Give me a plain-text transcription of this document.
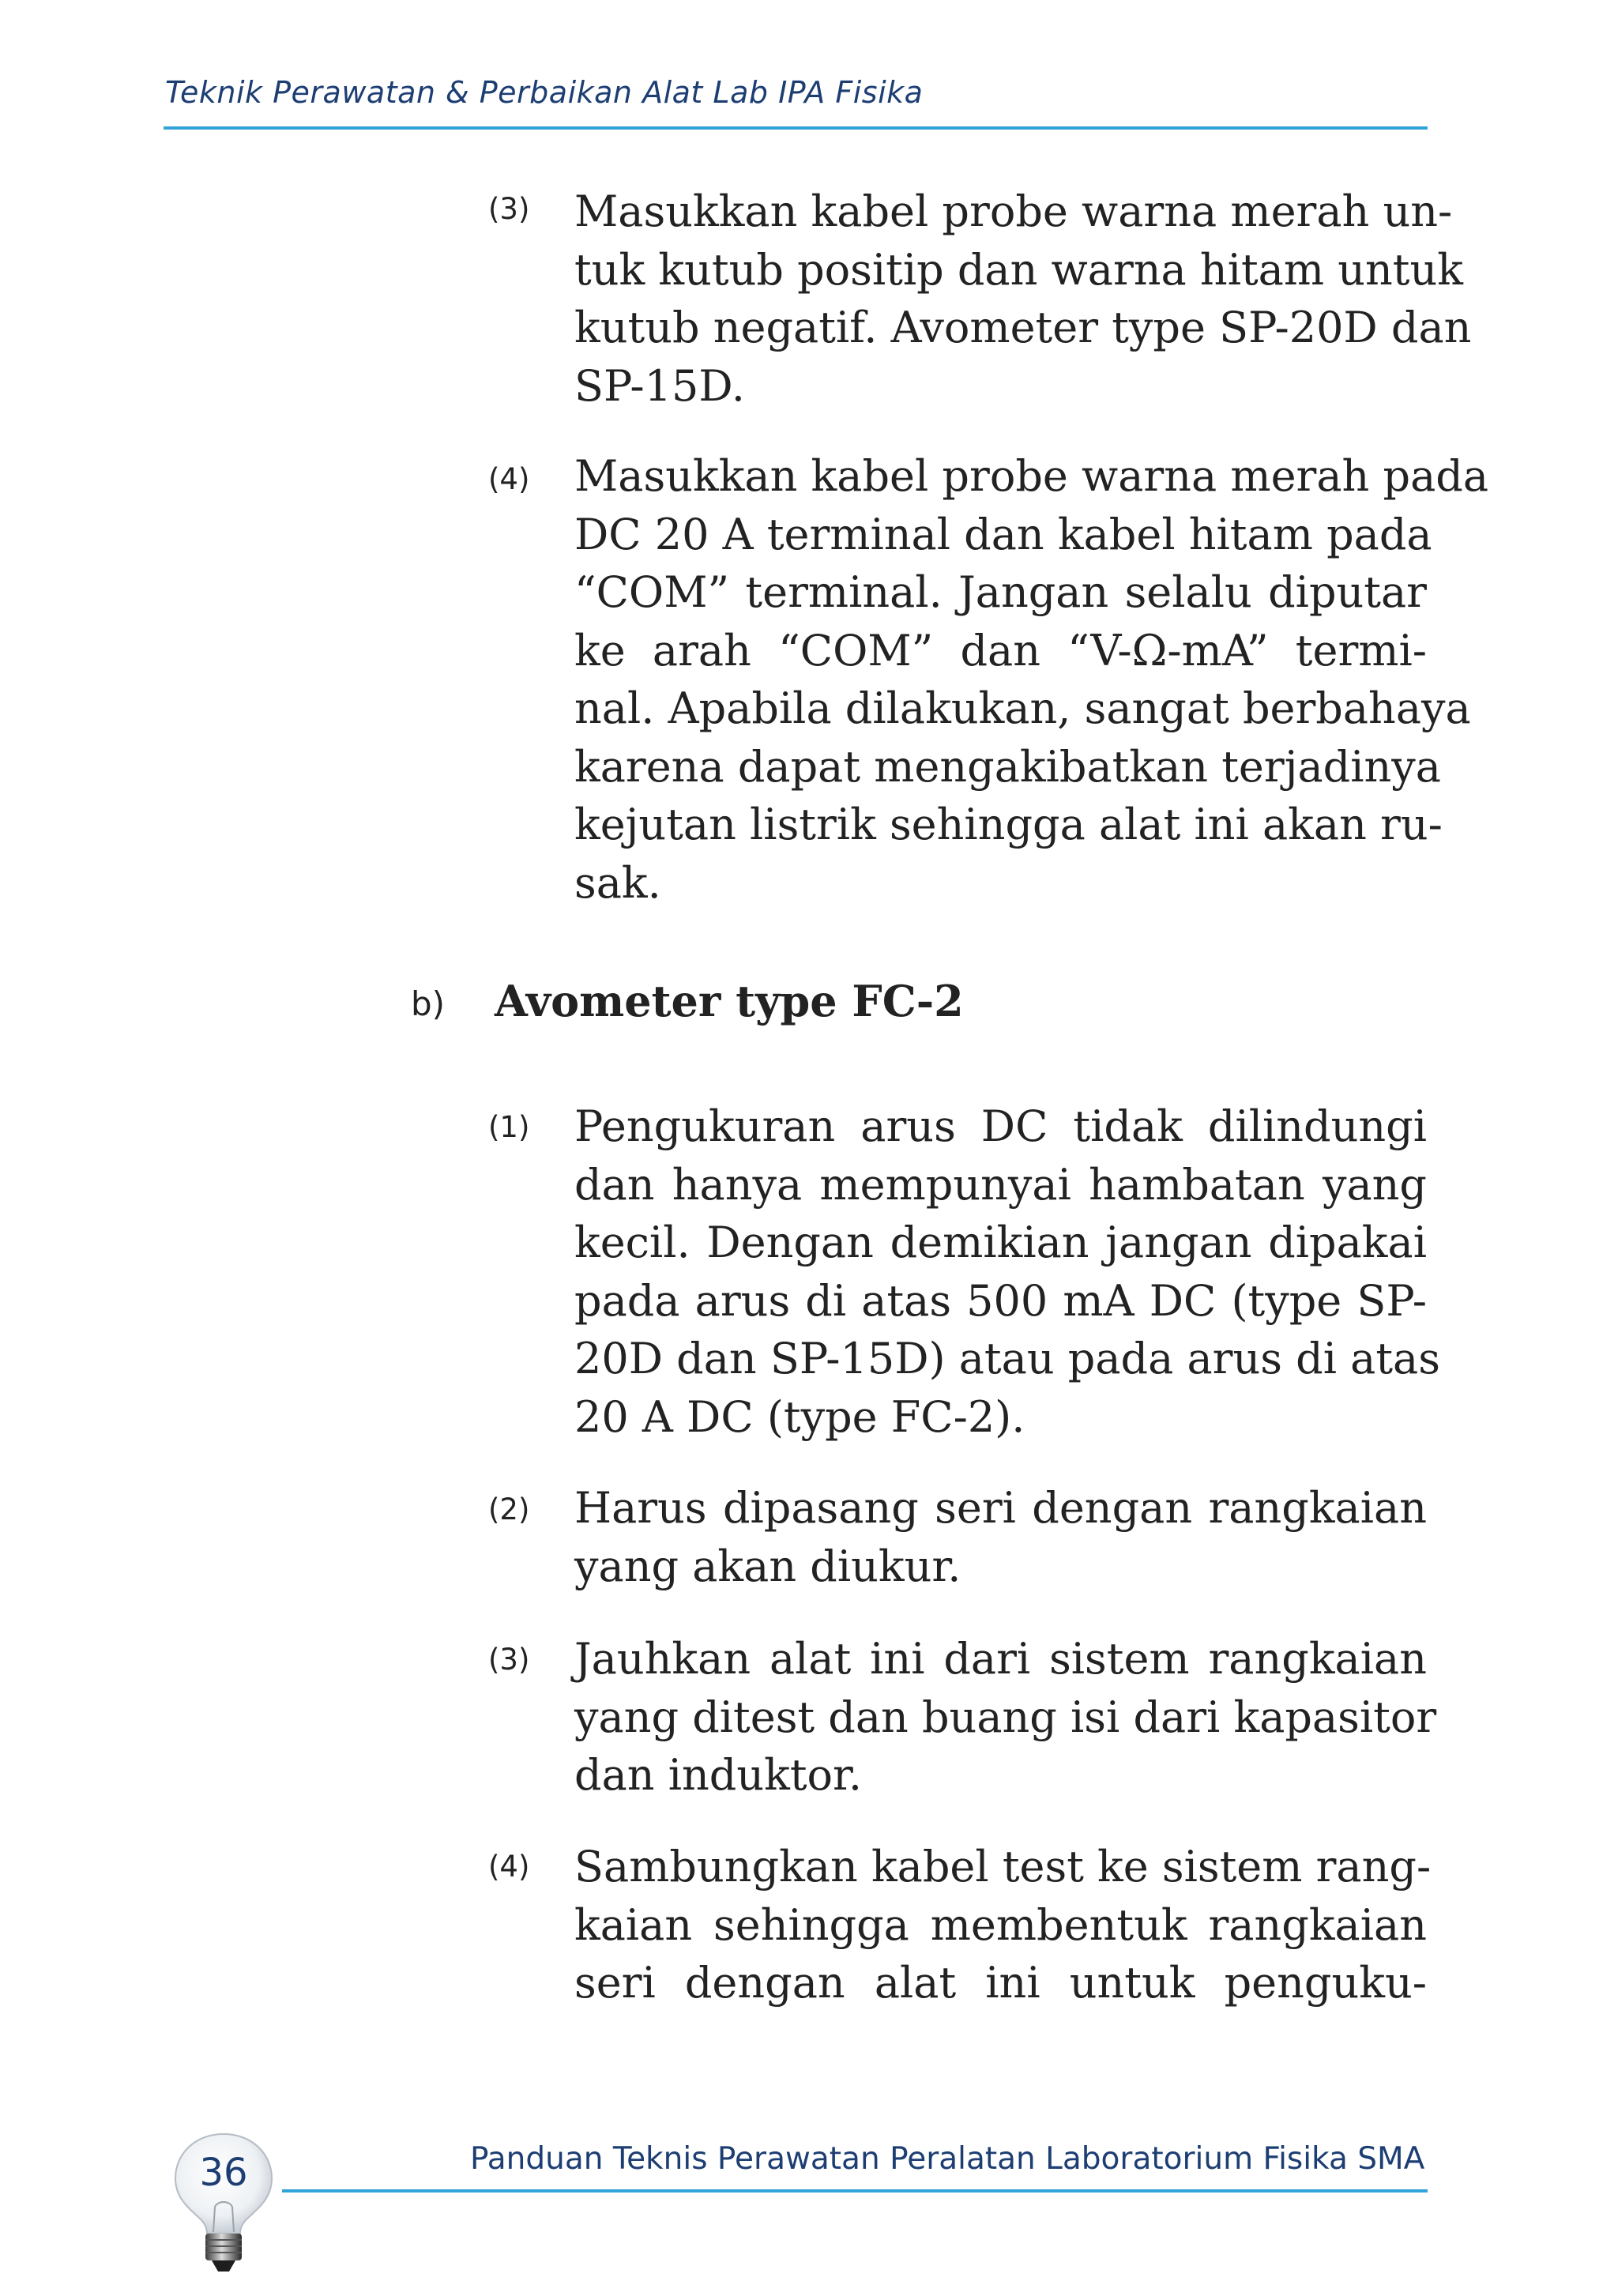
Teknik Perawatan & Perbaikan Alat Lab IPA Fisika
(3) Masukkan kabel probe warna merah un-
tuk kutub positip dan warna hitam untuk
kutub negatif. Avometer type SP-20D dan
SP-15D.
(4) Masukkan kabel probe warna merah pada
DC 20 A terminal dan kabel hitam pada
“COM” terminal. Jangan selalu diputar
ke arah “COM” dan “V-Ω-mA” termi-
nal. Apabila dilakukan, sangat berbahaya
karena dapat mengakibatkan terjadinya
kejutan listrik sehingga alat ini akan ru-
sak.
b) Avometer type FC-2
(1) Pengukuran arus DC tidak dilindungi
dan hanya mempunyai hambatan yang
kecil. Dengan demikian jangan dipakai
pada arus di atas 500 mA DC (type SP-
20D dan SP-15D) atau pada arus di atas
20 A DC (type FC-2).
(2) Harus dipasang seri dengan rangkaian
yang akan diukur.
(3) Jauhkan alat ini dari sistem rangkaian
yang ditest dan buang isi dari kapasitor
dan induktor.
(4) Sambungkan kabel test ke sistem rang-
kaian sehingga membentuk rangkaian
seri dengan alat ini untuk penguku-
36	Panduan Teknis Perawatan Peralatan Laboratorium Fisika SMA
